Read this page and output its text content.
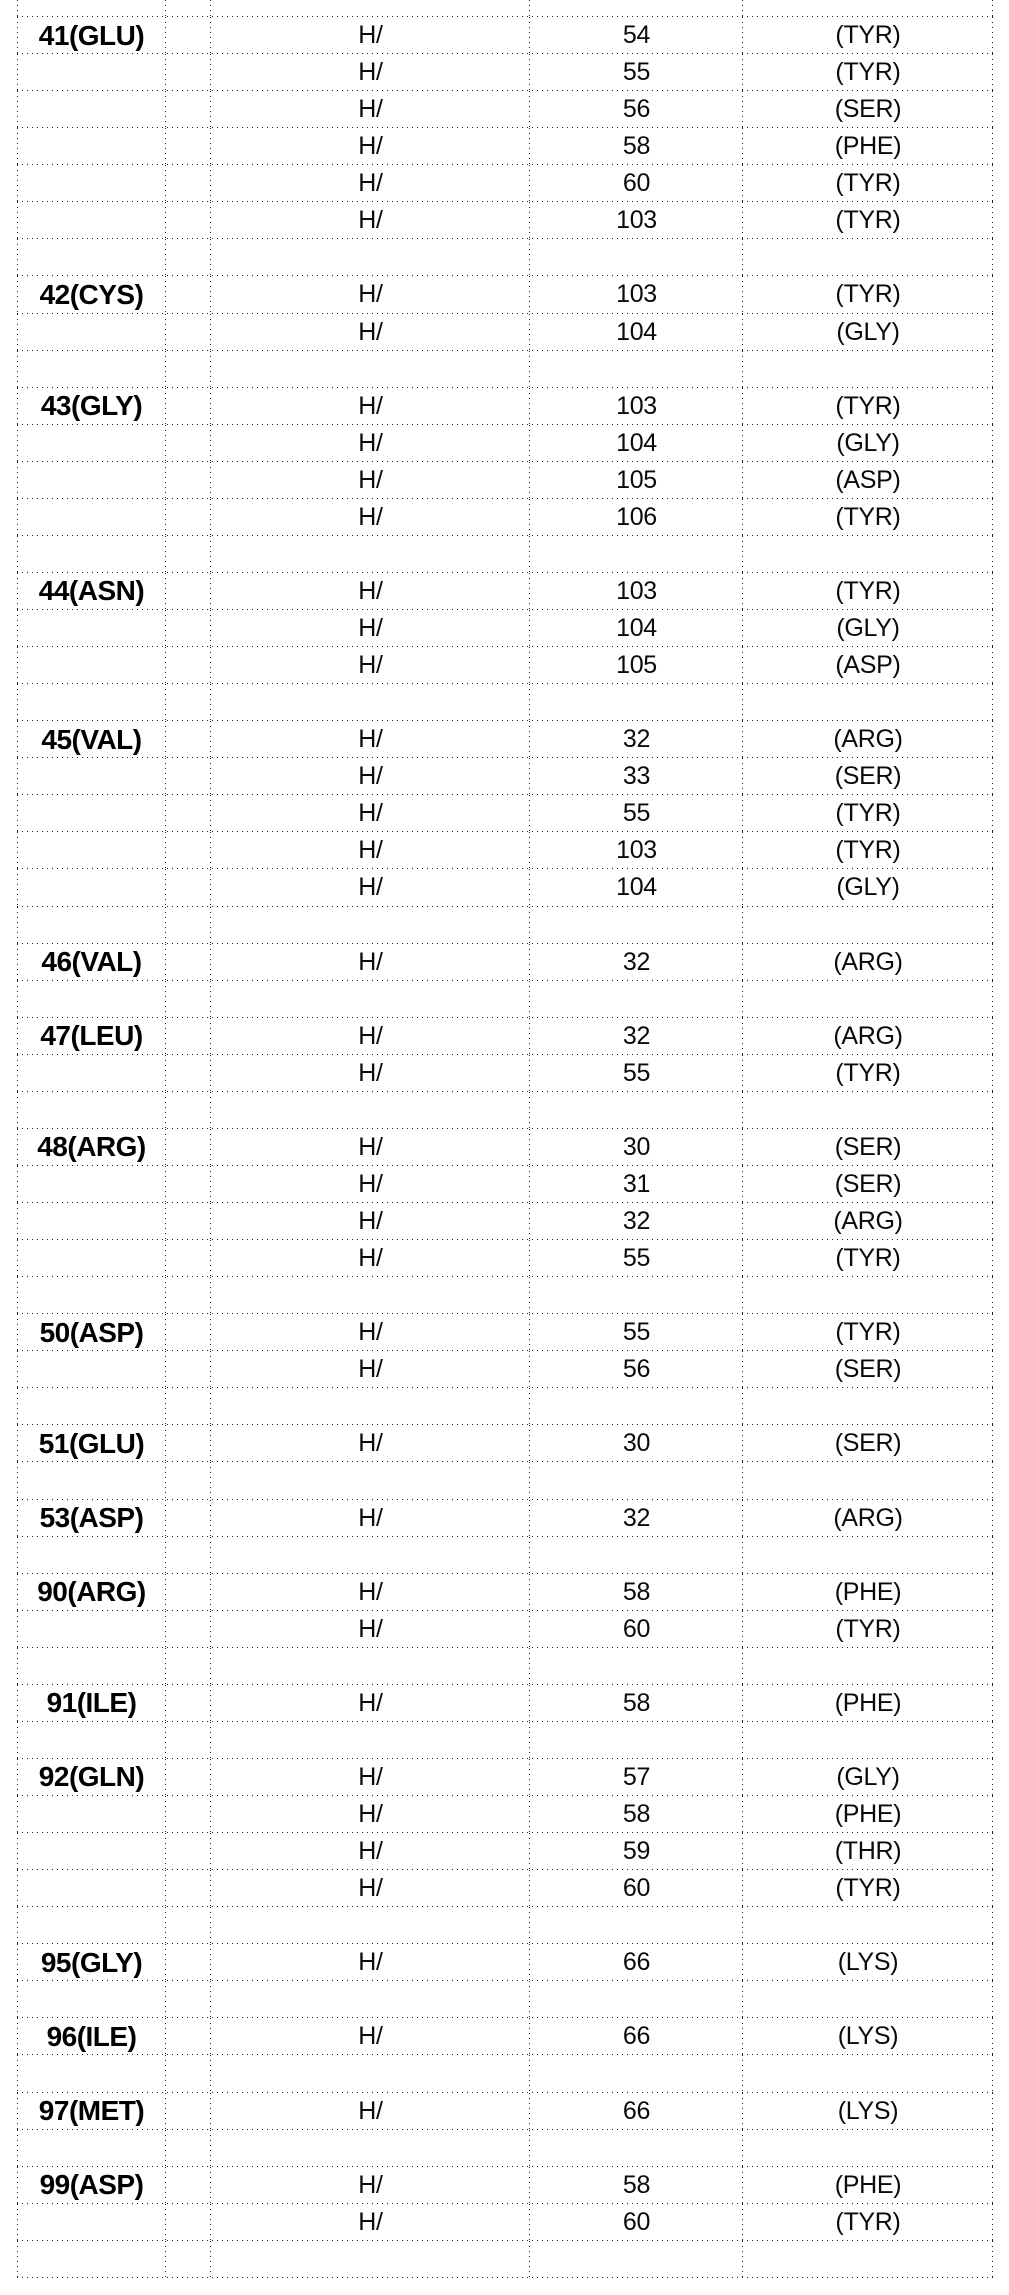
41(GLU)	H/	54	(TYR)
H/	55	(TYR)
H/	56	(SER)
H/	58	(PHE)
H/	60	(TYR)
H/	103	(TYR)
42(CYS)	H/	103	(TYR)
H/	104	(GLY)
43(GLY)	H/	103	(TYR)
H/	104	(GLY)
H/	105	(ASP)
H/	106	(TYR)
44(ASN)	H/	103	(TYR)
H/	104	(GLY)
H/	105	(ASP)
45(VAL)	H/	32	(ARG)
H/	33	(SER)
H/	55	(TYR)
H/	103	(TYR)
H/	104	(GLY)
46(VAL)	H/	32	(ARG)
47(LEU)	H/	32	(ARG)
H/	55	(TYR)
48(ARG)	H/	30	(SER)
H/	31	(SER)
H/	32	(ARG)
H/	55	(TYR)
50(ASP)	H/	55	(TYR)
H/	56	(SER)
51(GLU)	H/	30	(SER)
53(ASP)	H/	32	(ARG)
90(ARG)	H/	58	(PHE)
H/	60	(TYR)
91(ILE)	H/	58	(PHE)
92(GLN)	H/	57	(GLY)
H/	58	(PHE)
H/	59	(THR)
H/	60	(TYR)
95(GLY)	H/	66	(LYS)
96(ILE)	H/	66	(LYS)
97(MET)	H/	66	(LYS)
99(ASP)	H/	58	(PHE)
H/	60	(TYR)
